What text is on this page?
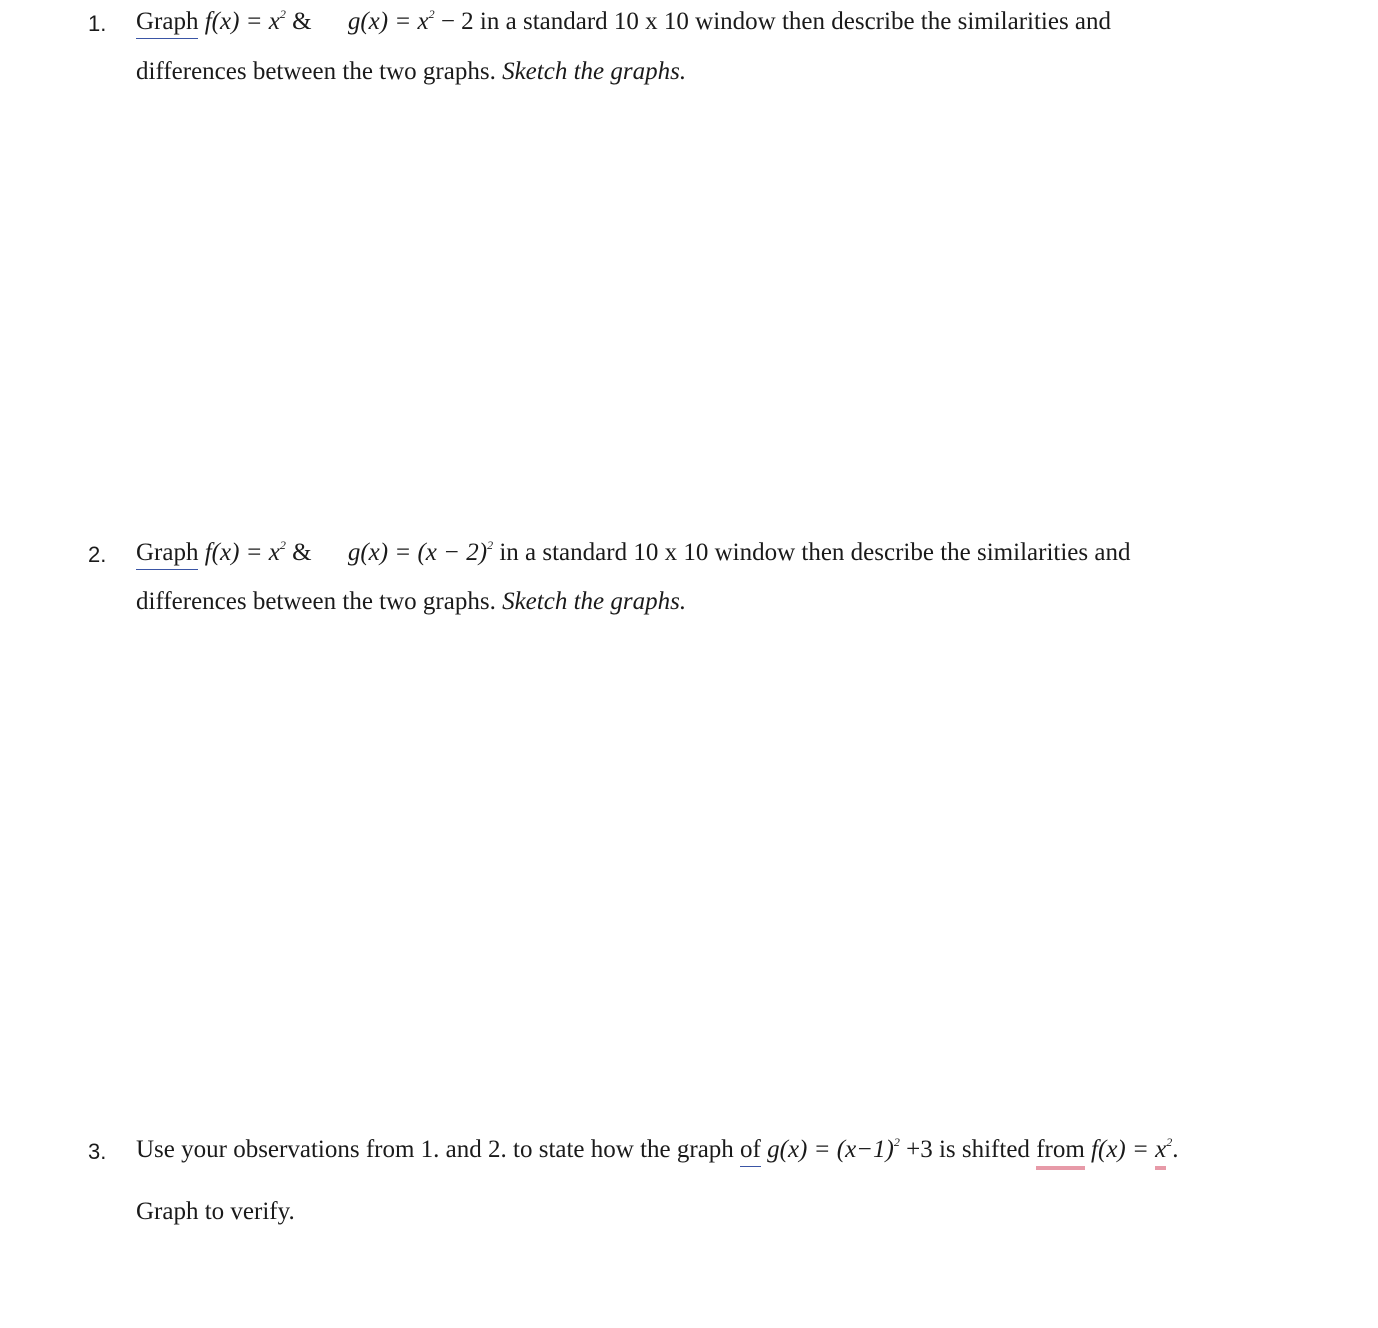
1. Graph $f(x) = x^2$ & $g(x) = x^2 - 2$ in a standard 10 x 10 window then describe the similarities and
differences between the two graphs. Sketch the graphs.
2. Graph $f(x) = x^2$ & $g(x) = (x - 2)^2$ in a standard 10 x 10 window then describe the similarities and
differences between the two graphs. Sketch the graphs.
3. Use your observations from 1. and 2. to state how the graph of $g(x) = (x-1)^2 +3$ is shifted from $f(x) = x^2$.
Graph to verify.
